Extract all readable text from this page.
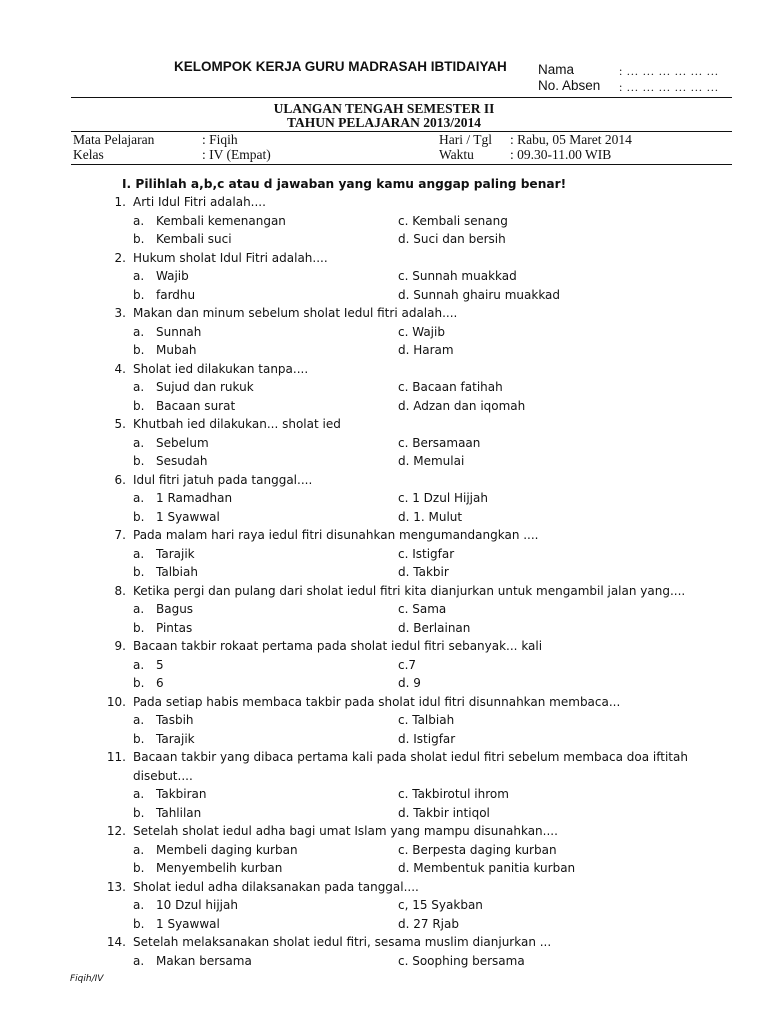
KELOMPOK KERJA GURU MADRASAH IBTIDAIYAH Nama	: … … … … … …
No. Absen : … … … … … …
ULANGAN TENGAH SEMESTER II
TAHUN PELAJARAN 2013/2014
Mata Pelajaran	: Fiqih	Hari / Tgl : Rabu, 05 Maret 2014
Kelas	: IV (Empat)	Waktu	: 09.30-11.00 WIB
I. Pilihlah a,b,c atau d jawaban yang kamu anggap paling benar!
1. Arti Idul Fitri adalah....
a. Kembali kemenangan	c. Kembali senang
b. Kembali suci	d. Suci dan bersih
2. Hukum sholat Idul Fitri adalah....
a. Wajib	c. Sunnah muakkad
b. fardhu	d. Sunnah ghairu muakkad
3. Makan dan minum sebelum sholat Iedul fitri adalah....
a. Sunnah	c. Wajib
b. Mubah	d. Haram
4. Sholat ied dilakukan tanpa....
a. Sujud dan rukuk	c. Bacaan fatihah
b. Bacaan surat	d. Adzan dan iqomah
5. Khutbah ied dilakukan... sholat ied
a. Sebelum	c. Bersamaan
b. Sesudah	d. Memulai
6. Idul fitri jatuh pada tanggal....
a. 1 Ramadhan	c. 1 Dzul Hijjah
b. 1 Syawwal	d. 1. Mulut
7. Pada malam hari raya iedul fitri disunahkan mengumandangkan ....
a. Tarajik	c. Istigfar
b. Talbiah	d. Takbir
8. Ketika pergi dan pulang dari sholat iedul fitri kita dianjurkan untuk mengambil jalan yang....
a. Bagus	c. Sama
b. Pintas	d. Berlainan
9. Bacaan takbir rokaat pertama pada sholat iedul fitri sebanyak... kali
a. 5	c.7
b. 6	d. 9
10. Pada setiap habis membaca takbir pada sholat idul fitri disunnahkan membaca...
a. Tasbih	c. Talbiah
b. Tarajik	d. Istigfar
11. Bacaan takbir yang dibaca pertama kali pada sholat iedul fitri sebelum membaca doa iftitah
disebut....
a. Takbiran	c. Takbirotul ihrom
b. Tahlilan	d. Takbir intiqol
12. Setelah sholat iedul adha bagi umat Islam yang mampu disunahkan....
a. Membeli daging kurban	c. Berpesta daging kurban
b. Menyembelih kurban	d. Membentuk panitia kurban
13. Sholat iedul adha dilaksanakan pada tanggal....
a. 10 Dzul hijjah	c, 15 Syakban
b. 1 Syawwal	d. 27 Rjab
14. Setelah melaksanakan sholat iedul fitri, sesama muslim dianjurkan ...
a. Makan bersama	c. Soophing bersama
Fiqih/IV
